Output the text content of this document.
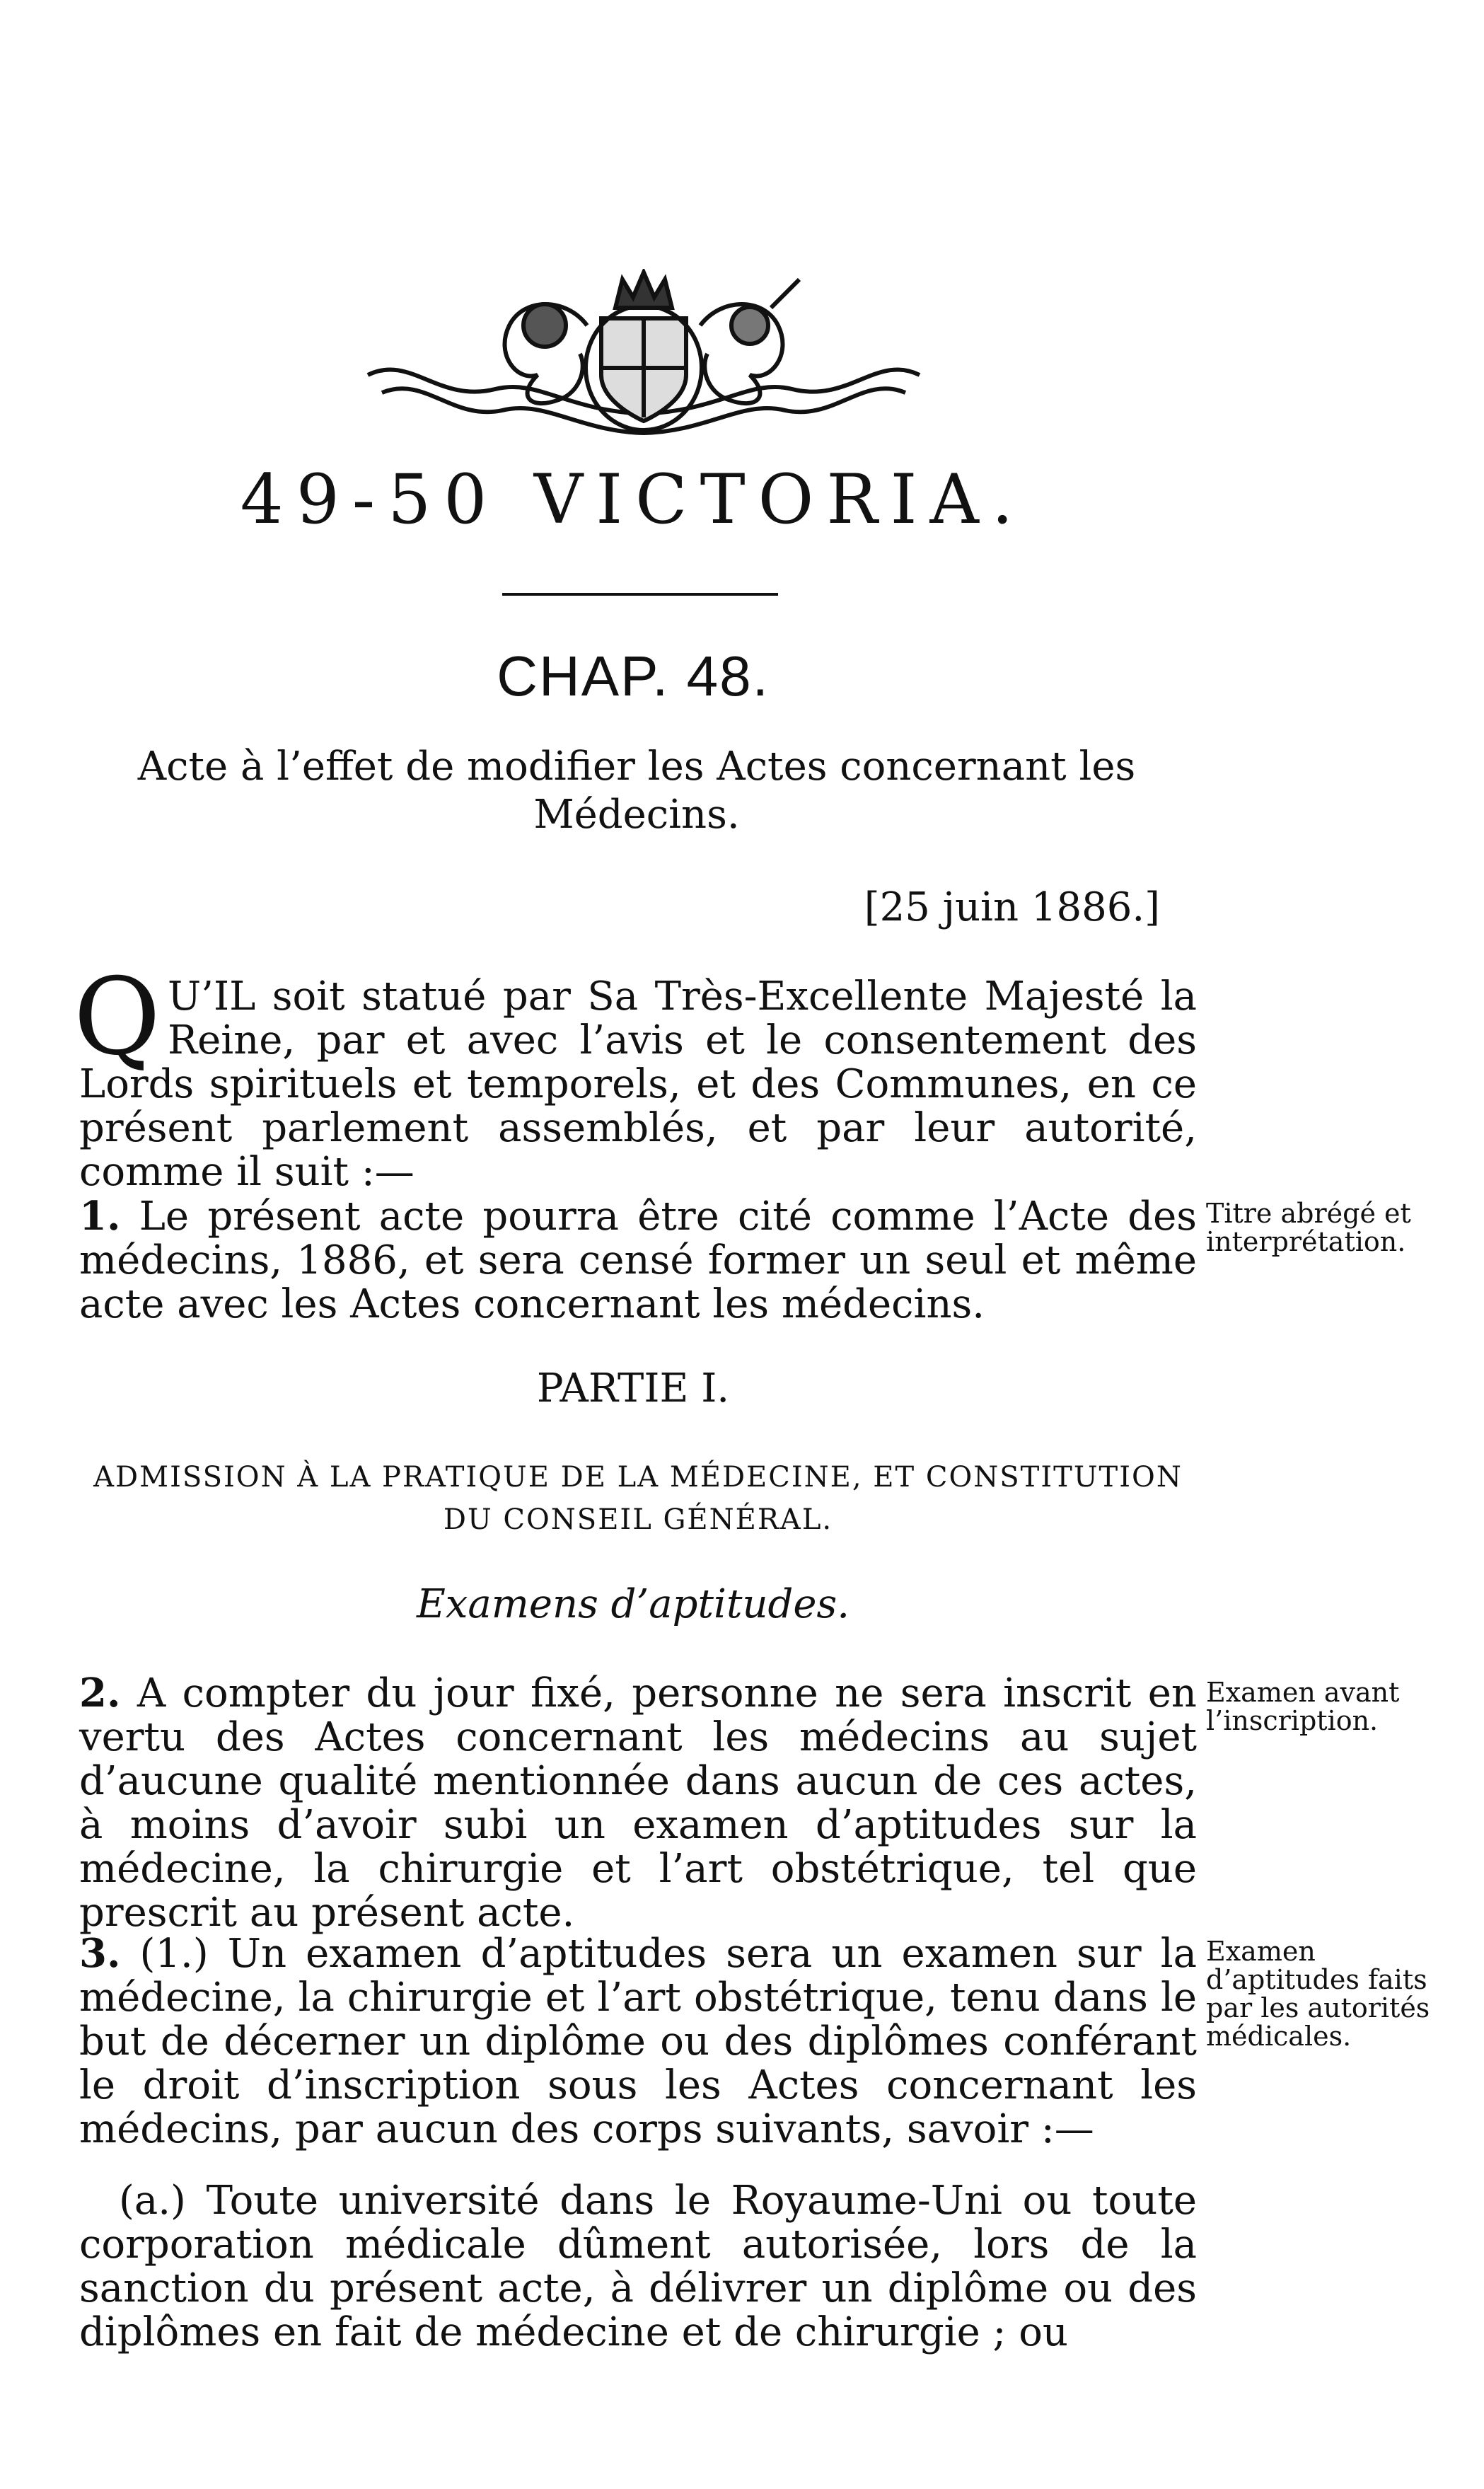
49-50 VICTORIA.
CHAP. 48.
Acte à l’effet de modifier les Actes concernant les Médecins.
[25 juin 1886.]
Q U’IL soit statué par Sa Très-Excellente Majesté la Reine, par et avec l’avis et le consentement des Lords spirituels et temporels, et des Communes, en ce présent parlement assemblés, et par leur autorité, comme il suit :—
1. Le présent acte pourra être cité comme l’Acte des médecins, 1886, et sera censé former un seul et même acte avec les Actes concernant les médecins.
Titre abrégé et interprétation.
PARTIE I.
ADMISSION À LA PRATIQUE DE LA MÉDECINE, ET CONSTITUTION DU CONSEIL GÉNÉRAL.
Examens d’aptitudes.
2. A compter du jour fixé, personne ne sera inscrit en vertu des Actes concernant les médecins au sujet d’aucune qualité mentionnée dans aucun de ces actes, à moins d’avoir subi un examen d’aptitudes sur la médecine, la chirurgie et l’art obstétrique, tel que prescrit au présent acte.
Examen avant l’inscription.
3. (1.) Un examen d’aptitudes sera un examen sur la médecine, la chirurgie et l’art obstétrique, tenu dans le but de décerner un diplôme ou des diplômes conférant le droit d’inscription sous les Actes concernant les médecins, par aucun des corps suivants, savoir :—
Examen d’aptitudes faits par les autorités médicales.
(a.) Toute université dans le Royaume-Uni ou toute corporation médicale dûment autorisée, lors de la sanction du présent acte, à délivrer un diplôme ou des diplômes en fait de médecine et de chirurgie ; ou
